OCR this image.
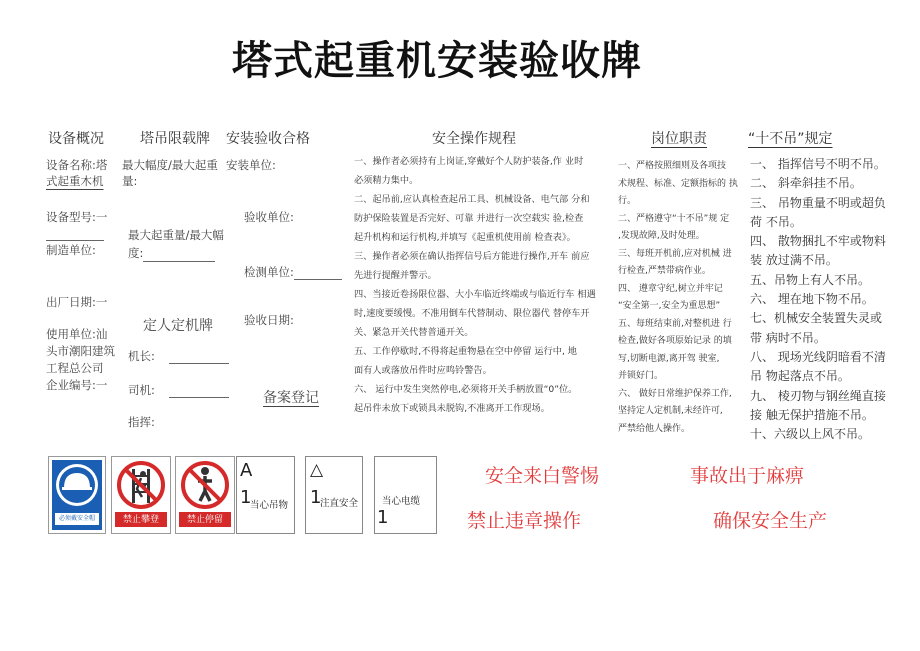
塔式起重机安装验收牌
设备概况	塔吊限载牌 安装验收合格	安全操作规程	岗位职责	“十不吊”规定
设备名称:塔
式起重木机
设备型号:一
制造单位:
出厂日期:一
使用单位:汕
头市潮阳建筑
工程总公司
企业编号:一
最大幅度/最大起重
量:
最大起重量/最大幅
度:
定人定机牌
机长:
司机:
指挥:
安装单位:
验收单位:
检测单位:
验收日期:
备案登记
一、操作者必须持有上岗证,穿戴好个人防护装备,作 业时
必须精力集中。
二、起吊前,应认真检查起吊工具、机械设备、电气部 分和
防护保险装置是否完好、可靠 并进行一次空载实 验,检查
起升机构和运行机构,并填写《起重机使用前 检查表》。
三、操作者必须在确认指挥信号后方能进行操作,开车 前应
先进行提醒并警示。
四、当接近卷扬限位器、大小车临近终端或与临近行车 相遇
时,速度要缓慢。不准用倒车代替制动、限位器代 替停车开
关、紧急开关代替普通开关。
五、工作停歇时,不得将起重物悬在空中停留 运行中, 地
面有人或落放吊件时应鸣铃警告。
六、 运行中发生突然停电,必须将开关手柄放置“0”位。
起吊件未放下或锁具未脱钩,不准离开工作现场。
一、严格按照细则及各项技
术规程、标准、定额指标的 执
行。
二、严格遵守“十不吊”规 定
,发现故障,及时处理。
三、每班开机前,应对机械 进
行检查,严禁带病作业。
四、 遵章守纪,树立并牢记
“安全第一,安全为重思想”
五、每班结束前,对整机进 行
检查,做好各项原始记录 的填
写,切断电源,离开驾 驶室,
并锁好门。
六、 做好日常维护保养工作,
坚持定人定机制,未经许可,
严禁给他人操作。
一、 指挥信号不明不吊。
二、 斜牵斜挂不吊。
三、 吊物重量不明或超负
荷 不吊。
四、 散物捆扎不牢或物料
装 放过满不吊。
五、吊物上有人不吊。
六、 埋在地下物不吊。
七、机械安全装置失灵或
带 病时不吊。
八、 现场光线阴暗看不清
吊 物起落点不吊。
九、 棱刃物与钢丝绳直接
接 触无保护措施不吊。
十、六级以上风不吊。
必须戴安全帽	禁止攀登	禁止停留
A
1
当心吊物
△
1
注直安全	当心电缆
1
安全来白警惕	事故出于麻痹
禁止违章操作	确保安全生产
